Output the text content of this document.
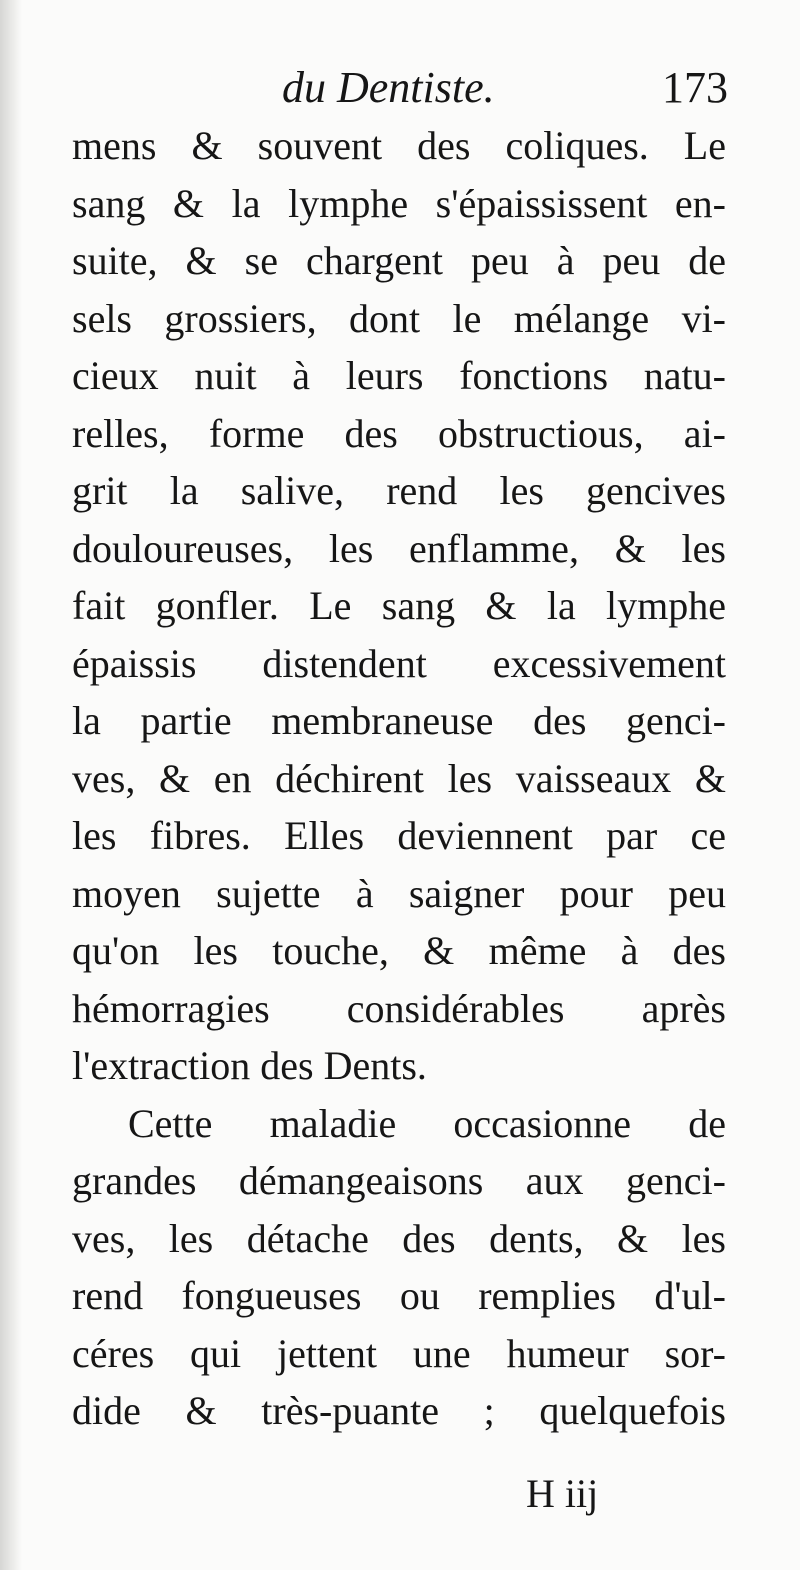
du Dentiste.	173
mens & souvent des coliques. Le
sang & la lymphe s'épaississent en-
suite, & se chargent peu à peu de
sels grossiers, dont le mélange vi-
cieux nuit à leurs fonctions natu-
relles, forme des obstructious, ai-
grit la salive, rend les gencives
douloureuses, les enflamme, & les
fait gonfler. Le sang & la lymphe
épaissis distendent excessivement
la partie membraneuse des genci-
ves, & en déchirent les vaisseaux &
les fibres. Elles deviennent par ce
moyen sujette à saigner pour peu
qu'on les touche, & même à des
hémorragies considérables après
l'extraction des Dents.
Cette maladie occasionne de
grandes démangeaisons aux genci-
ves, les détache des dents, & les
rend fongueuses ou remplies d'ul-
céres qui jettent une humeur sor-
dide & très-puante ; quelquefois
H iij
